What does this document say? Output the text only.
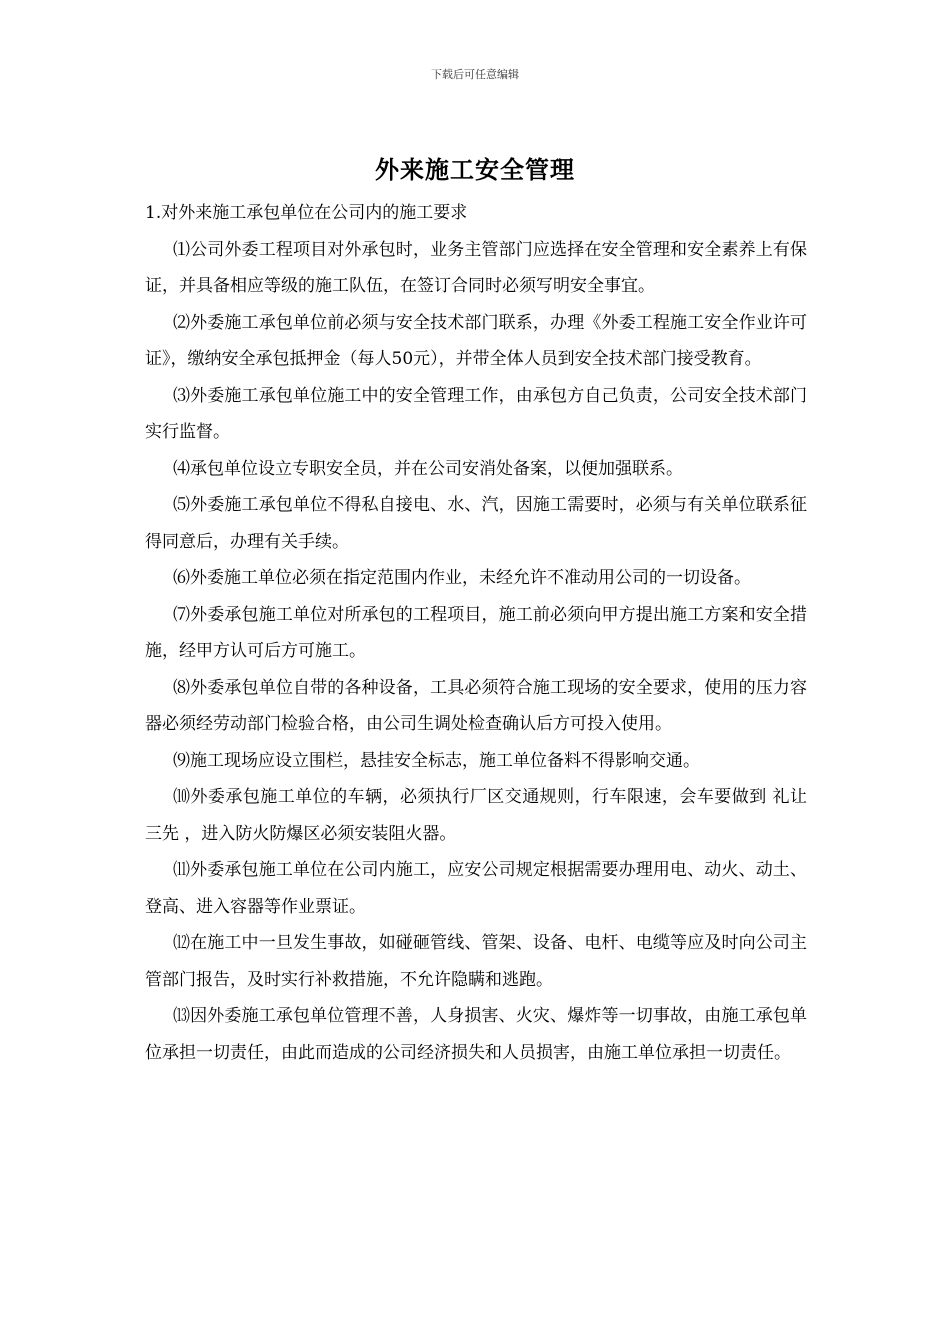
下载后可任意编辑
外来施工安全管理

1.对外来施工承包单位在公司内的施工要求

⑴公司外委工程项目对外承包时，业务主管部门应选择在安全管理和安全素养上有保证，并具备相应等级的施工队伍，在签订合同时必须写明安全事宜。

⑵外委施工承包单位前必须与安全技术部门联系，办理《外委工程施工安全作业许可证》，缴纳安全承包抵押金（每人50元），并带全体人员到安全技术部门接受教育。

⑶外委施工承包单位施工中的安全管理工作，由承包方自己负责，公司安全技术部门实行监督。

⑷承包单位设立专职安全员，并在公司安消处备案，以便加强联系。

⑸外委施工承包单位不得私自接电、水、汽，因施工需要时，必须与有关单位联系征得同意后，办理有关手续。

⑹外委施工单位必须在指定范围内作业，未经允许不准动用公司的一切设备。

⑺外委承包施工单位对所承包的工程项目，施工前必须向甲方提出施工方案和安全措施，经甲方认可后方可施工。

⑻外委承包单位自带的各种设备，工具必须符合施工现场的安全要求，使用的压力容器必须经劳动部门检验合格，由公司生调处检查确认后方可投入使用。

⑼施工现场应设立围栏，悬挂安全标志，施工单位备料不得影响交通。

⑽外委承包施工单位的车辆，必须执行厂区交通规则，行车限速，会车要做到 礼让三先 ，进入防火防爆区必须安装阻火器。

⑾外委承包施工单位在公司内施工，应安公司规定根据需要办理用电、动火、动土、登高、进入容器等作业票证。

⑿在施工中一旦发生事故，如碰砸管线、管架、设备、电杆、电缆等应及时向公司主管部门报告，及时实行补救措施，不允许隐瞒和逃跑。

⒀因外委施工承包单位管理不善，人身损害、火灾、爆炸等一切事故，由施工承包单位承担一切责任，由此而造成的公司经济损失和人员损害，由施工单位承担一切责任。
